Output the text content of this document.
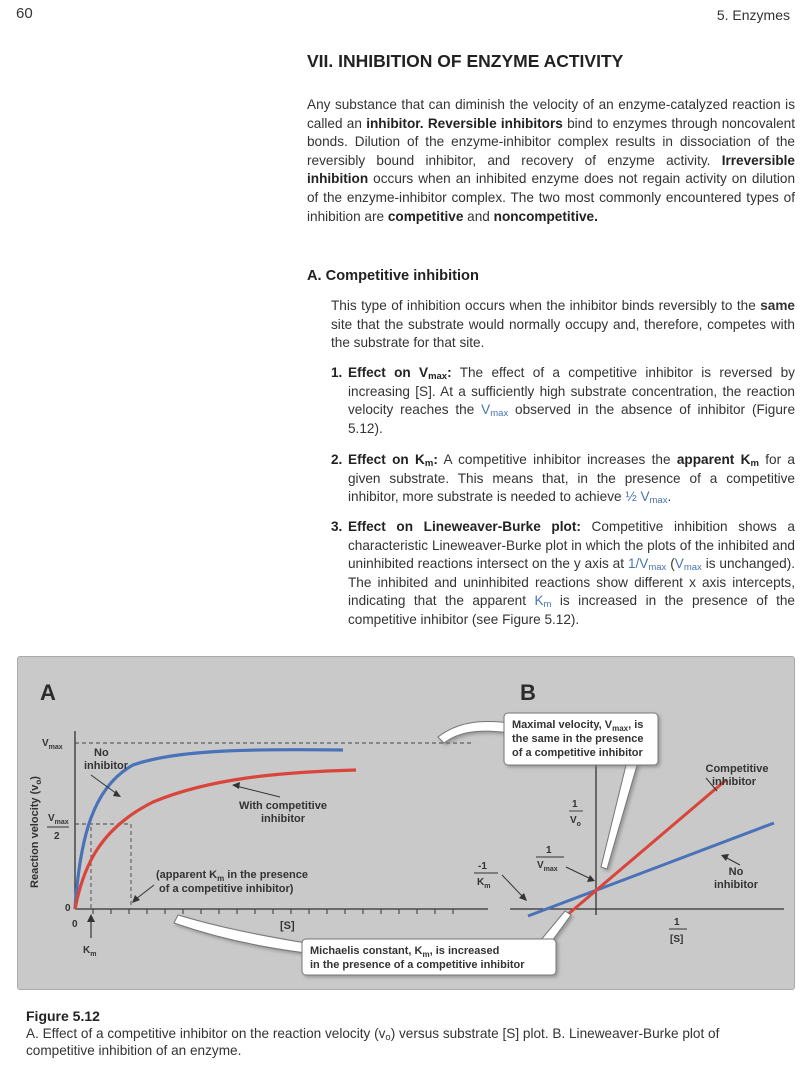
60	5. Enzymes
VII. INHIBITION OF ENZYME ACTIVITY

Any substance that can diminish the velocity of an enzyme-catalyzed reaction is called an inhibitor. Reversible inhibitors bind to enzymes through noncovalent bonds. Dilution of the enzyme-inhibitor complex results in dissociation of the reversibly bound inhibitor, and recovery of enzyme activity. Irreversible inhibition occurs when an inhibited enzyme does not regain activity on dilution of the enzyme-inhibitor complex. The two most commonly encountered types of inhibition are competitive and noncompetitive.

A. Competitive inhibition

This type of inhibition occurs when the inhibitor binds reversibly to the same site that the substrate would normally occupy and, therefore, competes with the substrate for that site.

1. Effect on $V_{max}$: The effect of a competitive inhibitor is reversed by increasing [S]. At a sufficiently high substrate concentration, the reaction velocity reaches the $V_{max}$ observed in the absence of inhibitor (Figure 5.12).
2. Effect on $K_m$: A competitive inhibitor increases the apparent $K_m$ for a given substrate. This means that, in the presence of a competitive inhibitor, more substrate is needed to achieve ½ $V_{max}$.
3. Effect on Lineweaver-Burke plot: Competitive inhibition shows a characteristic Lineweaver-Burke plot in which the plots of the inhibited and uninhibited reactions intersect on the y axis at $1/V_{max}$ ($V_{max}$ is unchanged). The inhibited and uninhibited reactions show different x axis intercepts, indicating that the apparent $K_m$ is increased in the presence of the competitive inhibitor (see Figure 5.12).
A	B
Reaction velocity $(v_o)$
$V_{max}$
$V_{max}$
2
0
0
$K_m$
[S]
No inhibitor
With competitive inhibitor
(apparent $K_m$ in the presence of a competitive inhibitor)
1
$V_o$
1
$V_{max}$
-1
$K_m$
1
[S]
Competitive inhibitor
No inhibitor
Maximal velocity, $V_{max}$, is the same in the presence of a competitive inhibitor
Michaelis constant, $K_m$, is increased in the presence of a competitive inhibitor
Figure 5.12

A. Effect of a competitive inhibitor on the reaction velocity $(v_o)$ versus substrate [S] plot. B. Lineweaver-Burke plot of competitive inhibition of an enzyme.
